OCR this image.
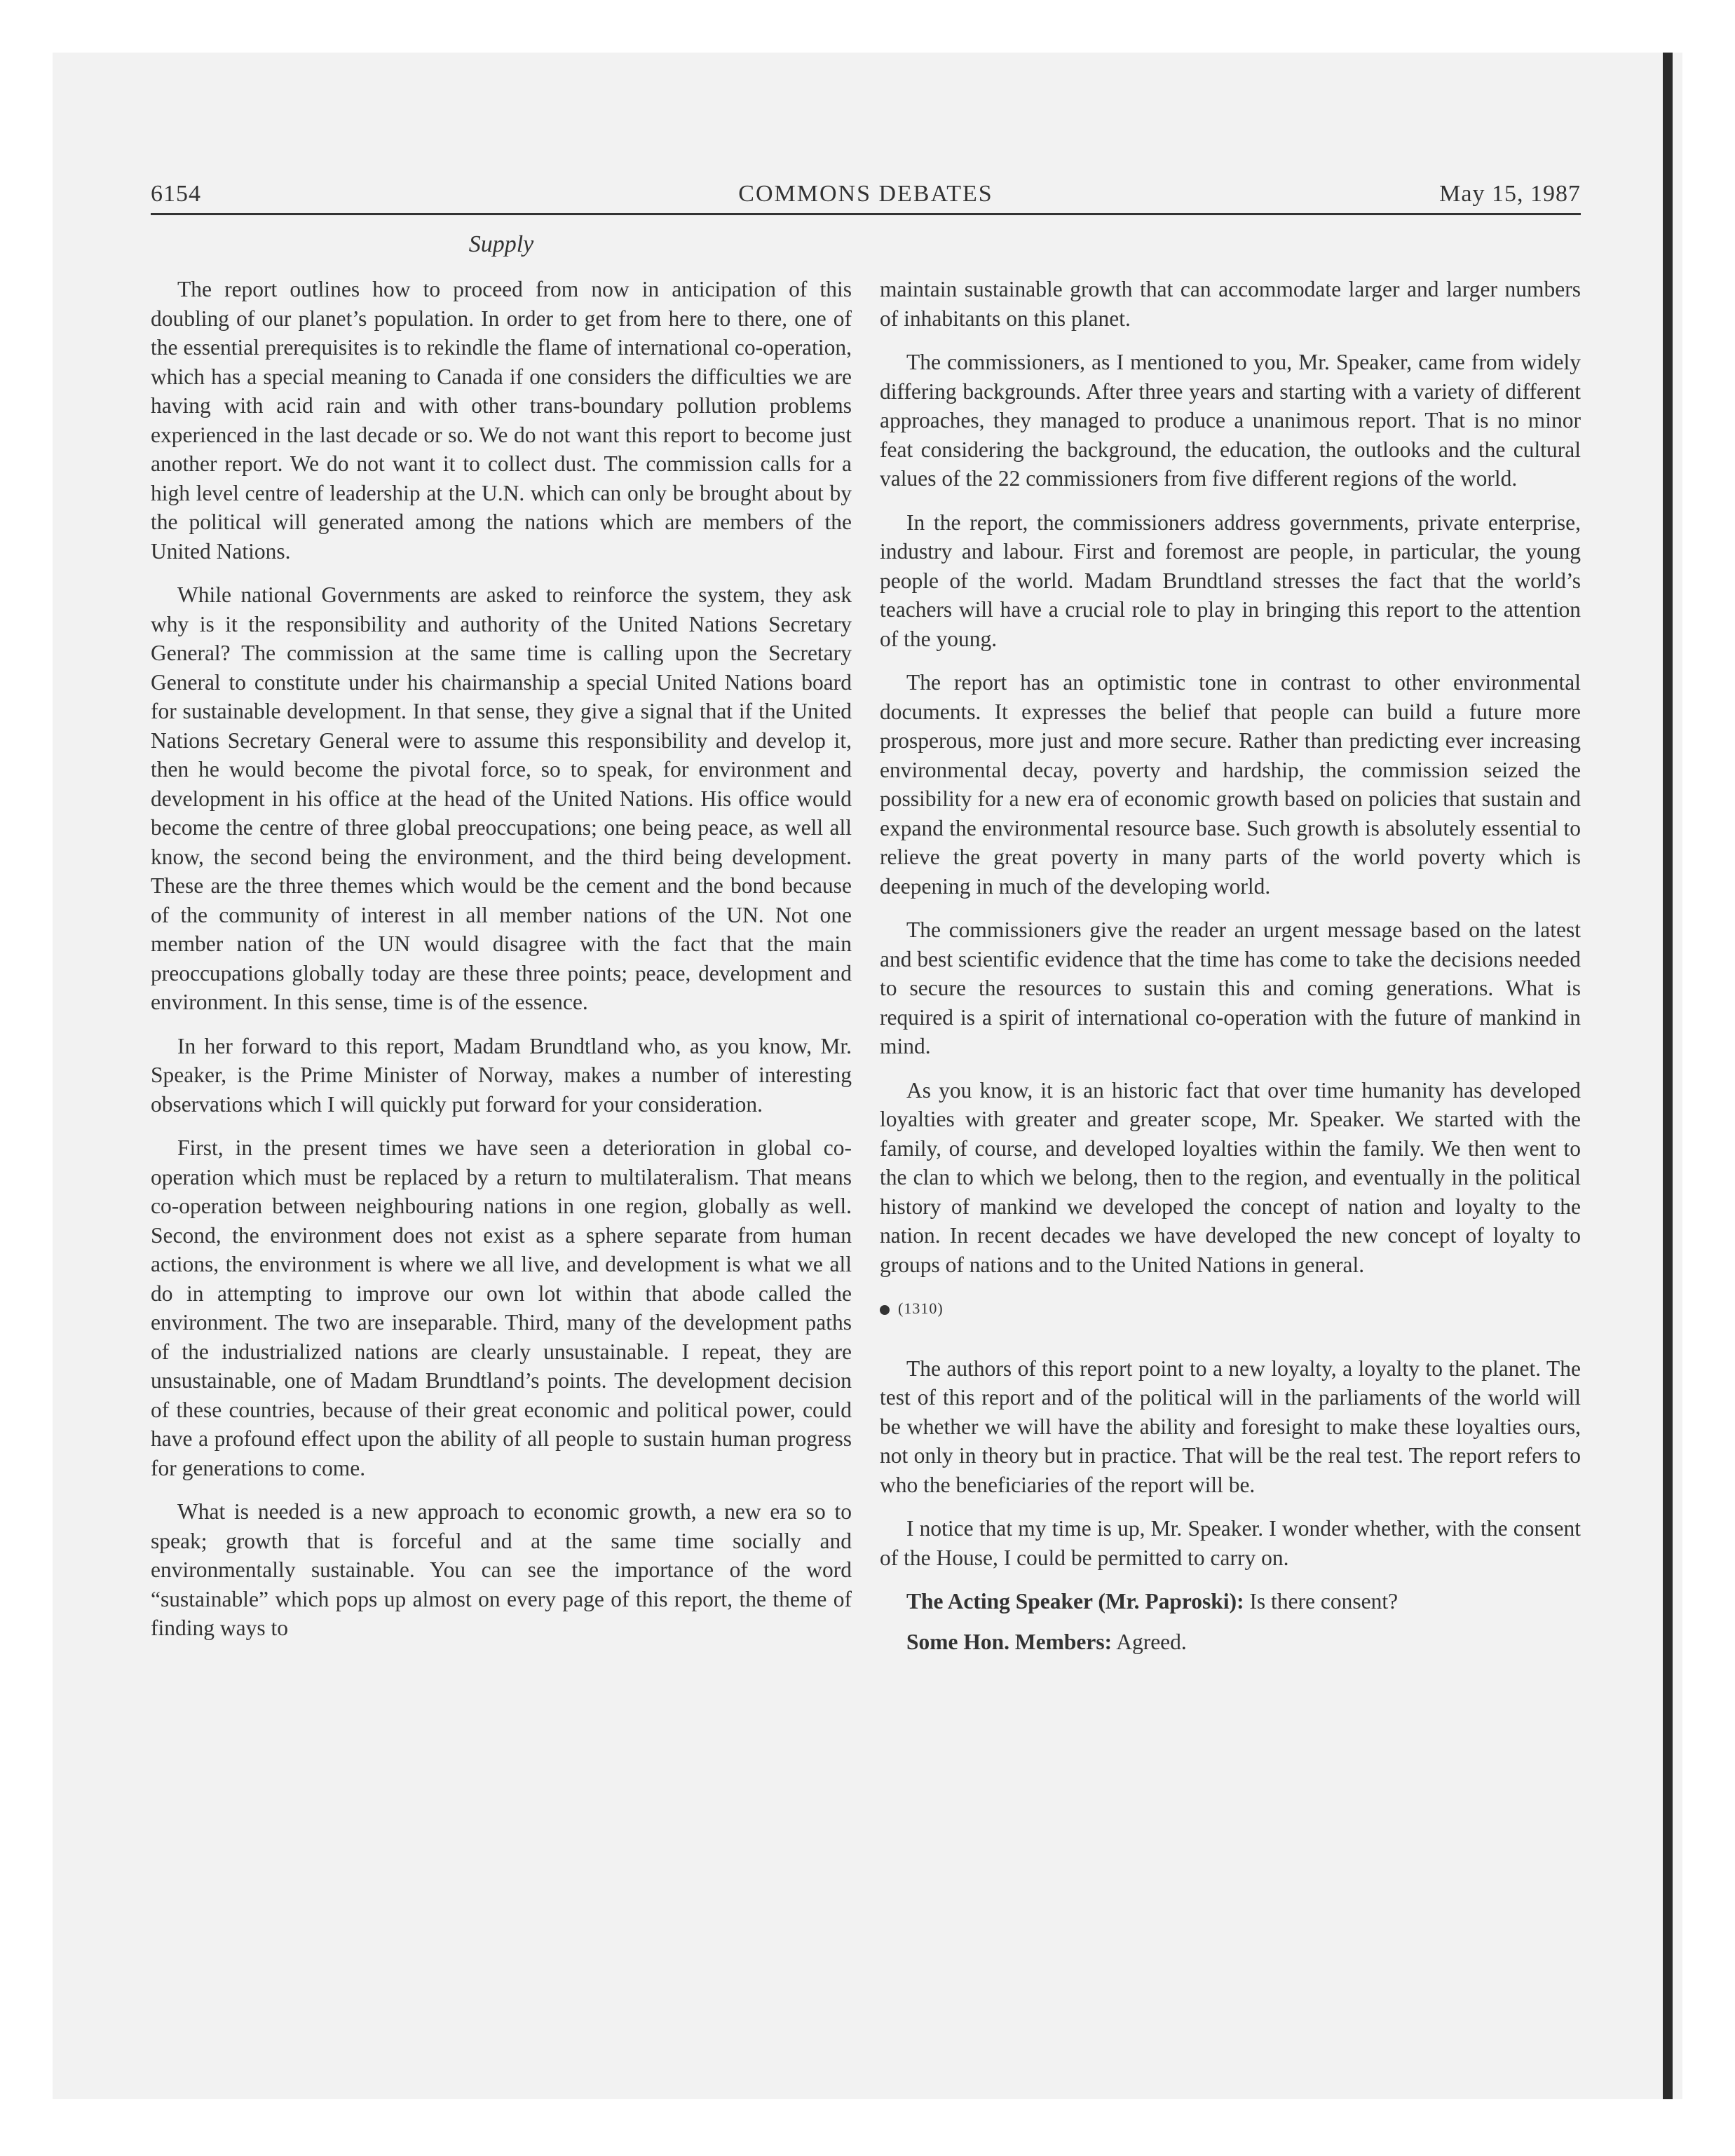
6154	COMMONS DEBATES	May 15, 1987
Supply

The report outlines how to proceed from now in anticipation of this doubling of our planet’s population. In order to get from here to there, one of the essential prerequisites is to rekindle the flame of international co-operation, which has a special meaning to Canada if one considers the difficulties we are having with acid rain and with other trans-boundary pollution problems experienced in the last decade or so. We do not want this report to become just another report. We do not want it to collect dust. The commission calls for a high level centre of leadership at the U.N. which can only be brought about by the political will generated among the nations which are members of the United Nations.

While national Governments are asked to reinforce the system, they ask why is it the responsibility and authority of the United Nations Secretary General? The commission at the same time is calling upon the Secretary General to constitute under his chairmanship a special United Nations board for sustainable development. In that sense, they give a signal that if the United Nations Secretary General were to assume this responsibility and develop it, then he would become the pivotal force, so to speak, for environment and development in his office at the head of the United Nations. His office would become the centre of three global preoccupations; one being peace, as well all know, the second being the environment, and the third being development. These are the three themes which would be the cement and the bond because of the community of interest in all member nations of the UN. Not one member nation of the UN would disagree with the fact that the main preoccupations globally today are these three points; peace, development and environment. In this sense, time is of the essence.

In her forward to this report, Madam Brundtland who, as you know, Mr. Speaker, is the Prime Minister of Norway, makes a number of interesting observations which I will quickly put forward for your consideration.

First, in the present times we have seen a deterioration in global co-operation which must be replaced by a return to multilateralism. That means co-operation between neighbouring nations in one region, globally as well. Second, the environment does not exist as a sphere separate from human actions, the environment is where we all live, and development is what we all do in attempting to improve our own lot within that abode called the environment. The two are inseparable. Third, many of the development paths of the industrialized nations are clearly unsustainable. I repeat, they are unsustainable, one of Madam Brundtland’s points. The development decision of these countries, because of their great economic and political power, could have a profound effect upon the ability of all people to sustain human progress for generations to come.

What is needed is a new approach to economic growth, a new era so to speak; growth that is forceful and at the same time socially and environmentally sustainable. You can see the importance of the word “sustainable” which pops up almost on every page of this report, the theme of finding ways to

maintain sustainable growth that can accommodate larger and larger numbers of inhabitants on this planet.

The commissioners, as I mentioned to you, Mr. Speaker, came from widely differing backgrounds. After three years and starting with a variety of different approaches, they managed to produce a unanimous report. That is no minor feat considering the background, the education, the outlooks and the cultural values of the 22 commissioners from five different regions of the world.

In the report, the commissioners address governments, private enterprise, industry and labour. First and foremost are people, in particular, the young people of the world. Madam Brundtland stresses the fact that the world’s teachers will have a crucial role to play in bringing this report to the attention of the young.

The report has an optimistic tone in contrast to other environmental documents. It expresses the belief that people can build a future more prosperous, more just and more secure. Rather than predicting ever increasing environmental decay, poverty and hardship, the commission seized the possibility for a new era of economic growth based on policies that sustain and expand the environmental resource base. Such growth is absolutely essential to relieve the great poverty in many parts of the world poverty which is deepening in much of the developing world.

The commissioners give the reader an urgent message based on the latest and best scientific evidence that the time has come to take the decisions needed to secure the resources to sustain this and coming generations. What is required is a spirit of international co-operation with the future of mankind in mind.

As you know, it is an historic fact that over time humanity has developed loyalties with greater and greater scope, Mr. Speaker. We started with the family, of course, and developed loyalties within the family. We then went to the clan to which we belong, then to the region, and eventually in the political history of mankind we developed the concept of nation and loyalty to the nation. In recent decades we have developed the new concept of loyalty to groups of nations and to the United Nations in general.

(1310)

The authors of this report point to a new loyalty, a loyalty to the planet. The test of this report and of the political will in the parliaments of the world will be whether we will have the ability and foresight to make these loyalties ours, not only in theory but in practice. That will be the real test. The report refers to who the beneficiaries of the report will be.

I notice that my time is up, Mr. Speaker. I wonder whether, with the consent of the House, I could be permitted to carry on.

The Acting Speaker (Mr. Paproski): Is there consent?

Some Hon. Members: Agreed.
